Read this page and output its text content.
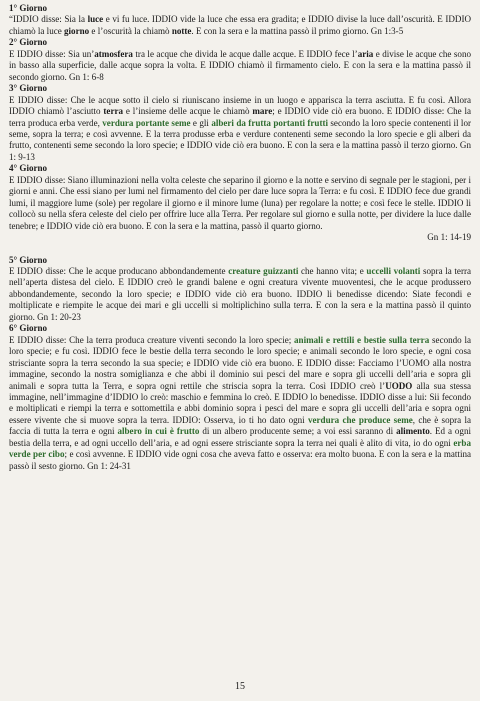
1° Giorno
“IDDIO disse: Sia la luce e vi fu luce. IDDIO vide la luce che essa era gradita; e IDDIO divise la luce dall’oscurità. E IDDIO chiamò la luce giorno e l’oscurità la chiamò notte. E con la sera e la mattina passò il primo giorno. Gn 1:3-5
2° Giorno
E IDDIO disse: Sia un’atmosfera tra le acque che divida le acque dalle acque. E IDDIO fece l’aria e divise le acque che sono in basso alla superficie, dalle acque sopra la volta. E IDDIO chiamò il firmamento cielo. E con la sera e la mattina passò il secondo giorno. Gn 1: 6-8
3° Giorno
E IDDIO disse: Che le acque sotto il cielo si riuniscano insieme in un luogo e apparisca la terra asciutta. E fu così. Allora IDDIO chiamò l’asciutto terra e l’insieme delle acque le chiamò mare; e IDDIO vide ciò era buono. E IDDIO disse: Che la terra produca erba verde, verdura portante seme e gli alberi da frutta portanti frutti secondo la loro specie contenenti il lor seme, sopra la terra; e così avvenne. E la terra produsse erba e verdure contenenti seme secondo la loro specie e gli alberi da frutto, contenenti seme secondo la loro specie; e IDDIO vide ciò era buono. E con la sera e la mattina passò il terzo giorno. Gn 1: 9-13
4° Giorno
E IDDIO disse: Siano illuminazioni nella volta celeste che separino il giorno e la notte e servino di segnale per le stagioni, per i giorni e anni. Che essi siano per lumi nel firmamento del cielo per dare luce sopra la Terra: e fu così. E IDDIO fece due grandi lumi, il maggiore lume (sole) per regolare il giorno e il minore lume (luna) per regolare la notte; e così fece le stelle. IDDIO li collocò su nella sfera celeste del cielo per offrire luce alla Terra. Per regolare sul giorno e sulla notte, per dividere la luce dalle tenebre; e IDDIO vide ciò era buono. E con la sera e la mattina, passò il quarto giorno.
Gn 1: 14-19
5° Giorno
E IDDIO disse: Che le acque producano abbondandemente creature guizzanti che hanno vita; e uccelli volanti sopra la terra nell’aperta distesa del cielo. E IDDIO creò le grandi balene e ogni creatura vivente muoventesi, che le acque produssero abbondandemente, secondo la loro specie; e IDDIO vide ciò era buono. IDDIO li benedisse dicendo: Siate fecondi e moltiplicate e riempite le acque dei mari e gli uccelli si moltiplichino sulla terra. E con la sera e la mattina passò il quinto giorno. Gn 1: 20-23
6° Giorno
E IDDIO disse: Che la terra produca creature viventi secondo la loro specie; animali e rettili e bestie sulla terra secondo la loro specie; e fu così. IDDIO fece le bestie della terra secondo le loro specie; e animali secondo le loro specie, e ogni cosa strisciante sopra la terra secondo la sua specie; e IDDIO vide ciò era buono. E IDDIO disse: Facciamo l’UOMO alla nostra immagine, secondo la nostra somiglianza e che abbi il dominio sui pesci del mare e sopra gli uccelli dell’aria e sopra gli animali e sopra tutta la Terra, e sopra ogni rettile che striscia sopra la terra. Così IDDIO creò l’UODO alla sua stessa immagine, nell’immagine d’IDDIO lo creò: maschio e femmina lo creò. E IDDIO lo benedisse. IDDIO disse a lui: Sii fecondo e moltiplicati e riempi la terra e sottomettila e abbi dominio sopra i pesci del mare e sopra gli uccelli dell’aria e sopra ogni essere vivente che si muove sopra la terra. IDDIO: Osserva, io ti ho dato ogni verdura che produce seme, che è sopra la faccia di tutta la terra e ogni albero in cui è frutto di un albero producente seme; a voi essi saranno di alimento. Ed a ogni bestia della terra, e ad ogni uccello dell’aria, e ad ogni essere strisciante sopra la terra nei quali è alito di vita, io do ogni erba verde per cibo; e così avvenne. E IDDIO vide ogni cosa che aveva fatto e osserva: era molto buona. E con la sera e la mattina passò il sesto giorno. Gn 1: 24-31
15
